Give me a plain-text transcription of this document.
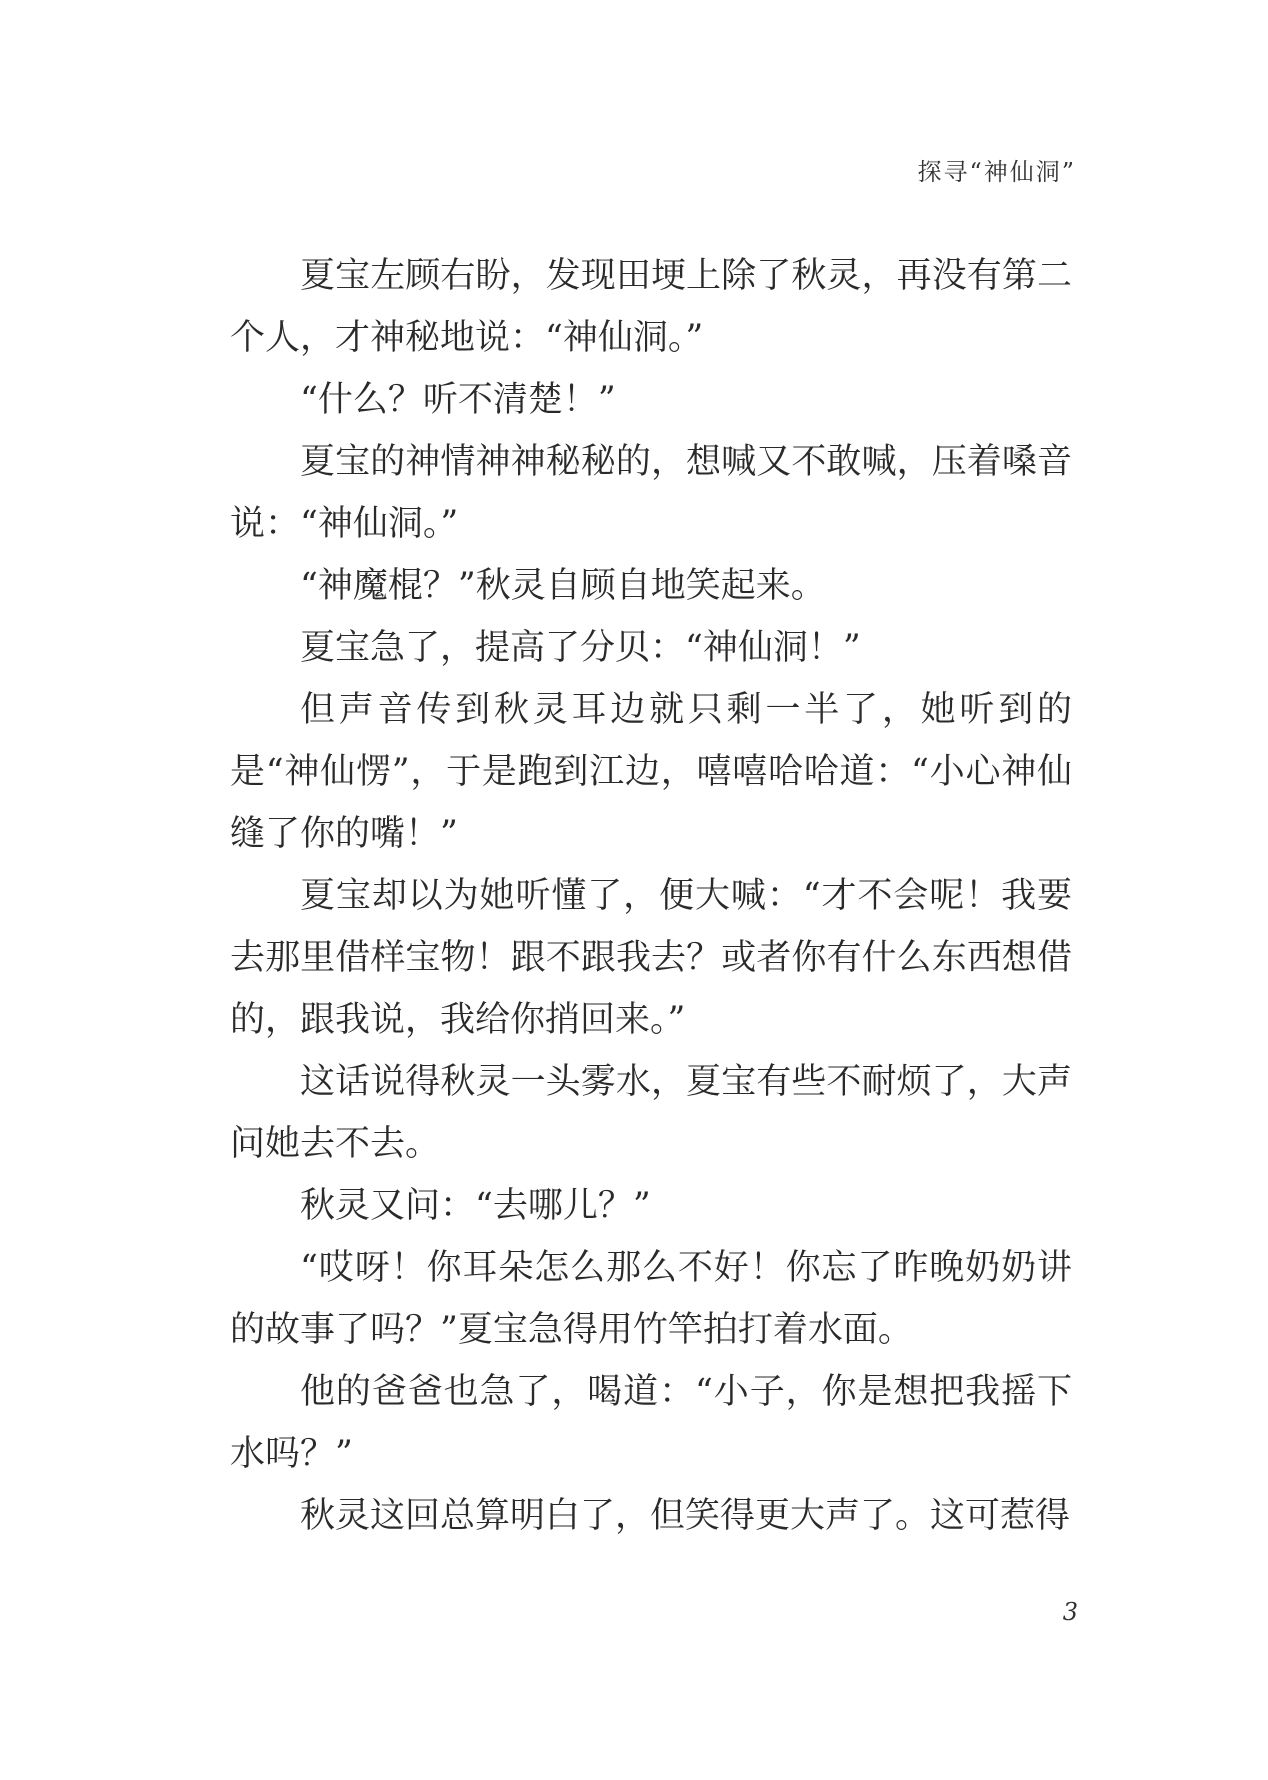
探寻“神仙洞”

夏宝左顾右盼，发现田埂上除了秋灵，再没有第二个人，才神秘地说：“神仙洞。”

“什么？听不清楚！”

夏宝的神情神神秘秘的，想喊又不敢喊，压着嗓音说：“神仙洞。”

“神魔棍？”秋灵自顾自地笑起来。

夏宝急了，提高了分贝：“神仙洞！”

但声音传到秋灵耳边就只剩一半了，她听到的是“神仙愣”，于是跑到江边，嘻嘻哈哈道：“小心神仙缝了你的嘴！”

夏宝却以为她听懂了，便大喊：“才不会呢！我要去那里借样宝物！跟不跟我去？或者你有什么东西想借的，跟我说，我给你捎回来。”

这话说得秋灵一头雾水，夏宝有些不耐烦了，大声问她去不去。

秋灵又问：“去哪儿？”

“哎呀！你耳朵怎么那么不好！你忘了昨晚奶奶讲的故事了吗？”夏宝急得用竹竿拍打着水面。

他的爸爸也急了，喝道：“小子，你是想把我摇下水吗？”

秋灵这回总算明白了，但笑得更大声了。这可惹得

3
